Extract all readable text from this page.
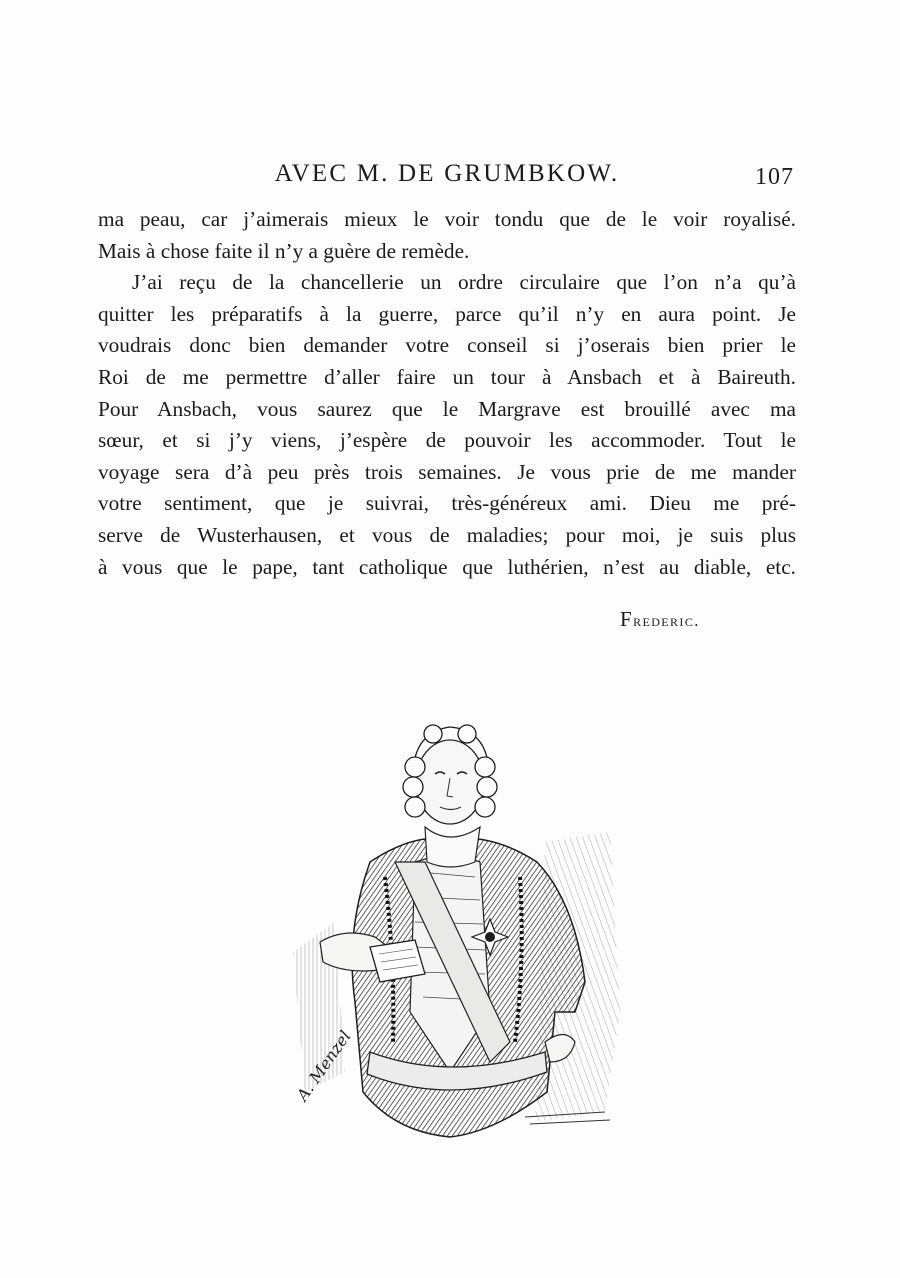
AVEC M. DE GRUMBKOW.	107
ma peau, car j’aimerais mieux le voir tondu que de le voir royalisé.
Mais à chose faite il n’y a guère de remède.
J’ai reçu de la chancellerie un ordre circulaire que l’on n’a qu’à
quitter les préparatifs à la guerre, parce qu’il n’y en aura point. Je
voudrais donc bien demander votre conseil si j’oserais bien prier le
Roi de me permettre d’aller faire un tour à Ansbach et à Baireuth.
Pour Ansbach, vous saurez que le Margrave est brouillé avec ma
sœur, et si j’y viens, j’espère de pouvoir les accommoder. Tout le
voyage sera d’à peu près trois semaines. Je vous prie de me mander
votre sentiment, que je suivrai, très-généreux ami. Dieu me pré-
serve de Wusterhausen, et vous de maladies; pour moi, je suis plus
à vous que le pape, tant catholique que luthérien, n’est au diable, etc.
Frederic.
A. Menzel
